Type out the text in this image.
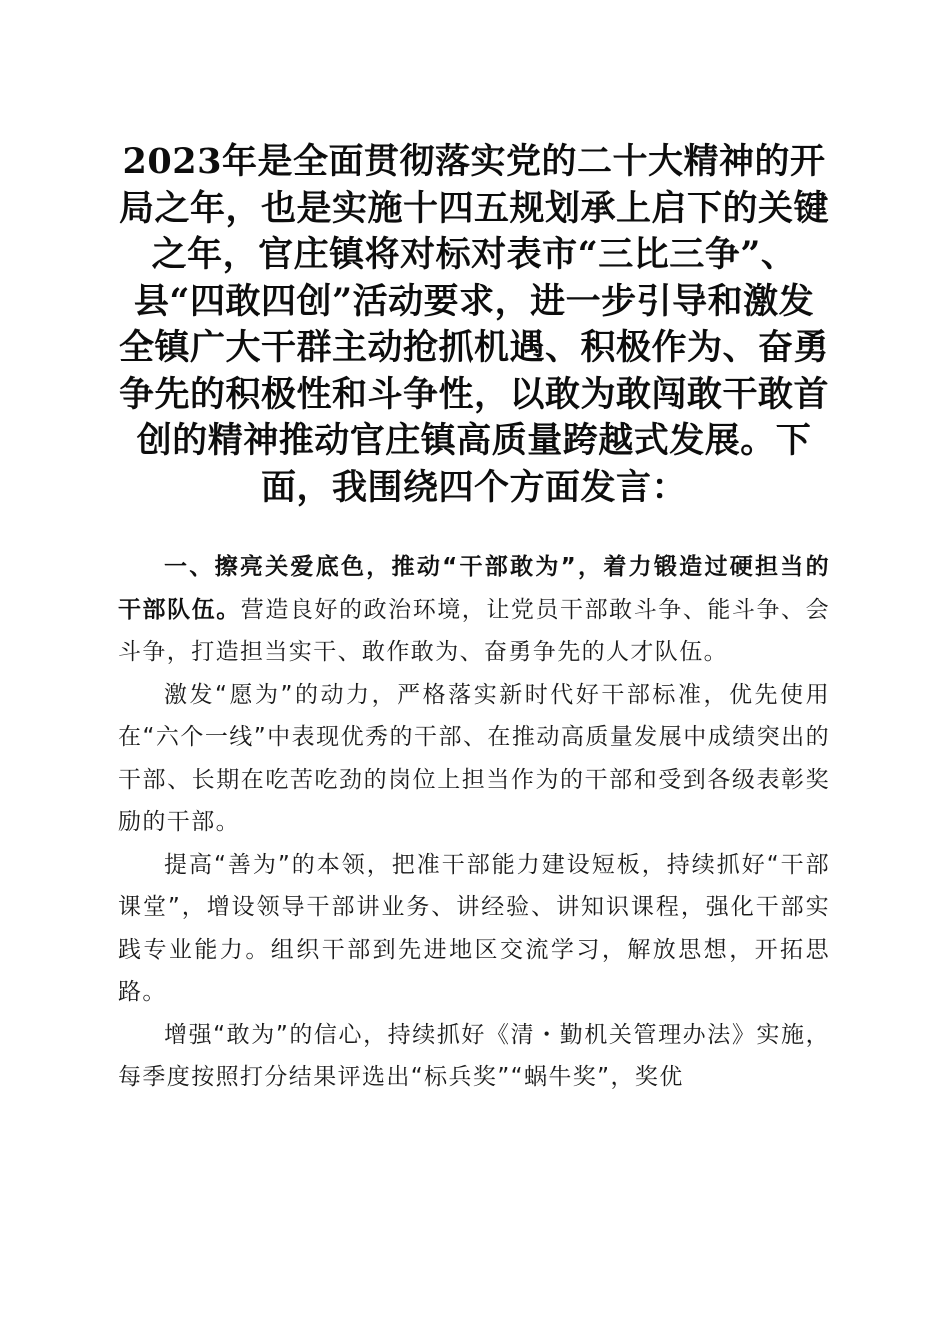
2023年是全面贯彻落实党的二十大精神的开局之年，也是实施十四五规划承上启下的关键之年，官庄镇将对标对表市“三比三争”、县“四敢四创”活动要求，进一步引导和激发全镇广大干群主动抢抓机遇、积极作为、奋勇争先的积极性和斗争性，以敢为敢闯敢干敢首创的精神推动官庄镇高质量跨越式发展。下面，我围绕四个方面发言：

一、擦亮关爱底色，推动“干部敢为”，着力锻造过硬担当的干部队伍。营造良好的政治环境，让党员干部敢斗争、能斗争、会斗争，打造担当实干、敢作敢为、奋勇争先的人才队伍。

激发“愿为”的动力，严格落实新时代好干部标准，优先使用在“六个一线”中表现优秀的干部、在推动高质量发展中成绩突出的干部、长期在吃苦吃劲的岗位上担当作为的干部和受到各级表彰奖励的干部。

提高“善为”的本领，把准干部能力建设短板，持续抓好“干部课堂”，增设领导干部讲业务、讲经验、讲知识课程，强化干部实践专业能力。组织干部到先进地区交流学习，解放思想，开拓思路。

增强“敢为”的信心，持续抓好《清・勤机关管理办法》实施，每季度按照打分结果评选出“标兵奖”“蜗牛奖”，奖优
